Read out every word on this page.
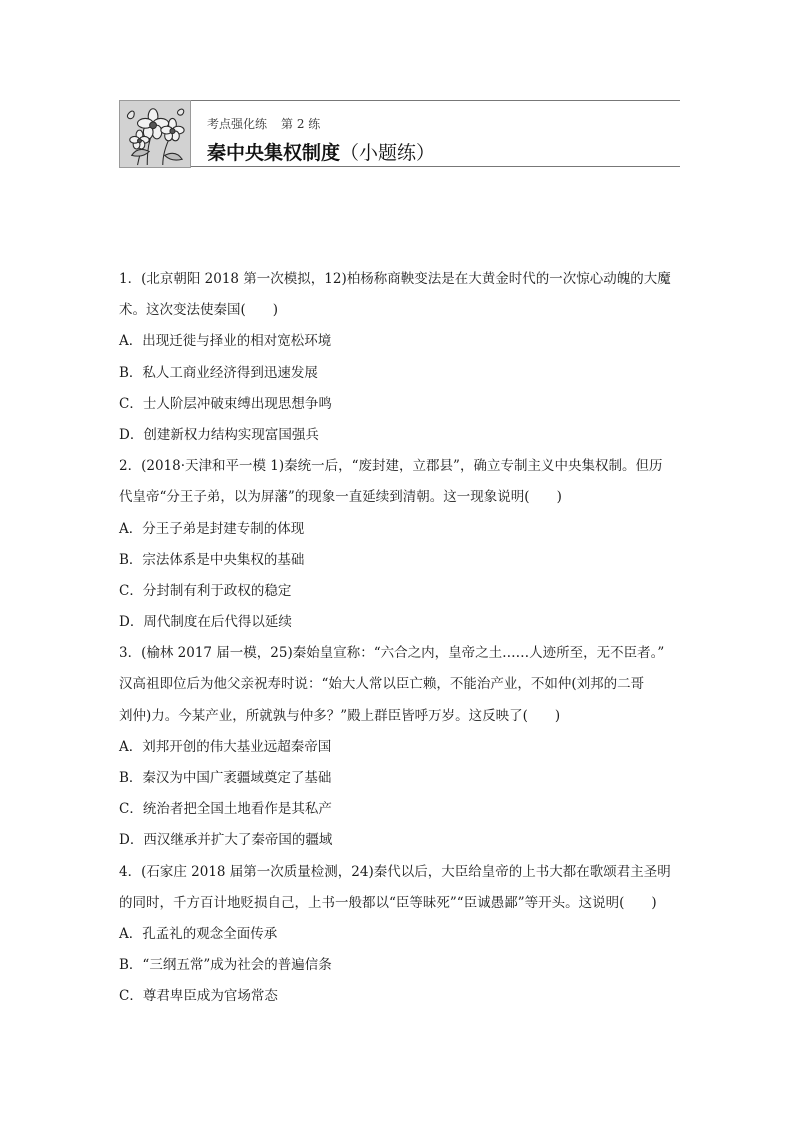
考点强化练 第 2 练
秦中央集权制度（小题练）
1．(北京朝阳 2018 第一次模拟，12)柏杨称商鞅变法是在大黄金时代的一次惊心动魄的大魔
术。这次变法使秦国(　　)
A．出现迁徙与择业的相对宽松环境
B．私人工商业经济得到迅速发展
C．士人阶层冲破束缚出现思想争鸣
D．创建新权力结构实现富国强兵
2．(2018·天津和平一模 1)秦统一后，“废封建，立郡县”，确立专制主义中央集权制。但历
代皇帝“分王子弟，以为屏藩”的现象一直延续到清朝。这一现象说明(　　)
A．分王子弟是封建专制的体现
B．宗法体系是中央集权的基础
C．分封制有利于政权的稳定
D．周代制度在后代得以延续
3．(榆林 2017 届一模，25)秦始皇宣称：“六合之内，皇帝之土……人迹所至，无不臣者。”
汉高祖即位后为他父亲祝寿时说：“始大人常以臣亡赖，不能治产业，不如仲(刘邦的二哥
刘仲)力。今某产业，所就孰与仲多？”殿上群臣皆呼万岁。这反映了(　　)
A．刘邦开创的伟大基业远超秦帝国
B．秦汉为中国广袤疆域奠定了基础
C．统治者把全国土地看作是其私产
D．西汉继承并扩大了秦帝国的疆域
4．(石家庄 2018 届第一次质量检测，24)秦代以后，大臣给皇帝的上书大都在歌颂君主圣明
的同时，千方百计地贬损自己，上书一般都以“臣等昧死”“臣诚愚鄙”等开头。这说明(　　)
A．孔孟礼的观念全面传承
B．“三纲五常”成为社会的普遍信条
C．尊君卑臣成为官场常态
